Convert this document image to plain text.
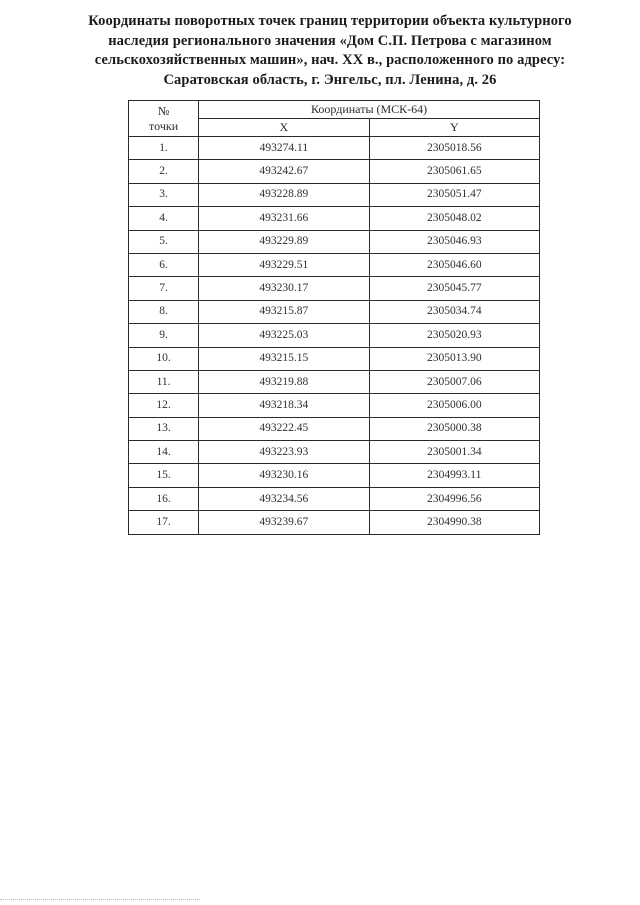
Координаты поворотных точек границ территории объекта культурного
наследия регионального значения «Дом С.П. Петрова с магазином
сельскохозяйственных машин», нач. XX в., расположенного по адресу:
Саратовская область, г. Энгельс, пл. Ленина, д. 26
№
точки	Координаты (МСК-64)	
	X	Y
1.	493274.11	2305018.56
2.	493242.67	2305061.65
3.	493228.89	2305051.47
4.	493231.66	2305048.02
5.	493229.89	2305046.93
6.	493229.51	2305046.60
7.	493230.17	2305045.77
8.	493215.87	2305034.74
9.	493225.03	2305020.93
10.	493215.15	2305013.90
11.	493219.88	2305007.06
12.	493218.34	2305006.00
13.	493222.45	2305000.38
14.	493223.93	2305001.34
15.	493230.16	2304993.11
16.	493234.56	2304996.56
17.	493239.67	2304990.38
